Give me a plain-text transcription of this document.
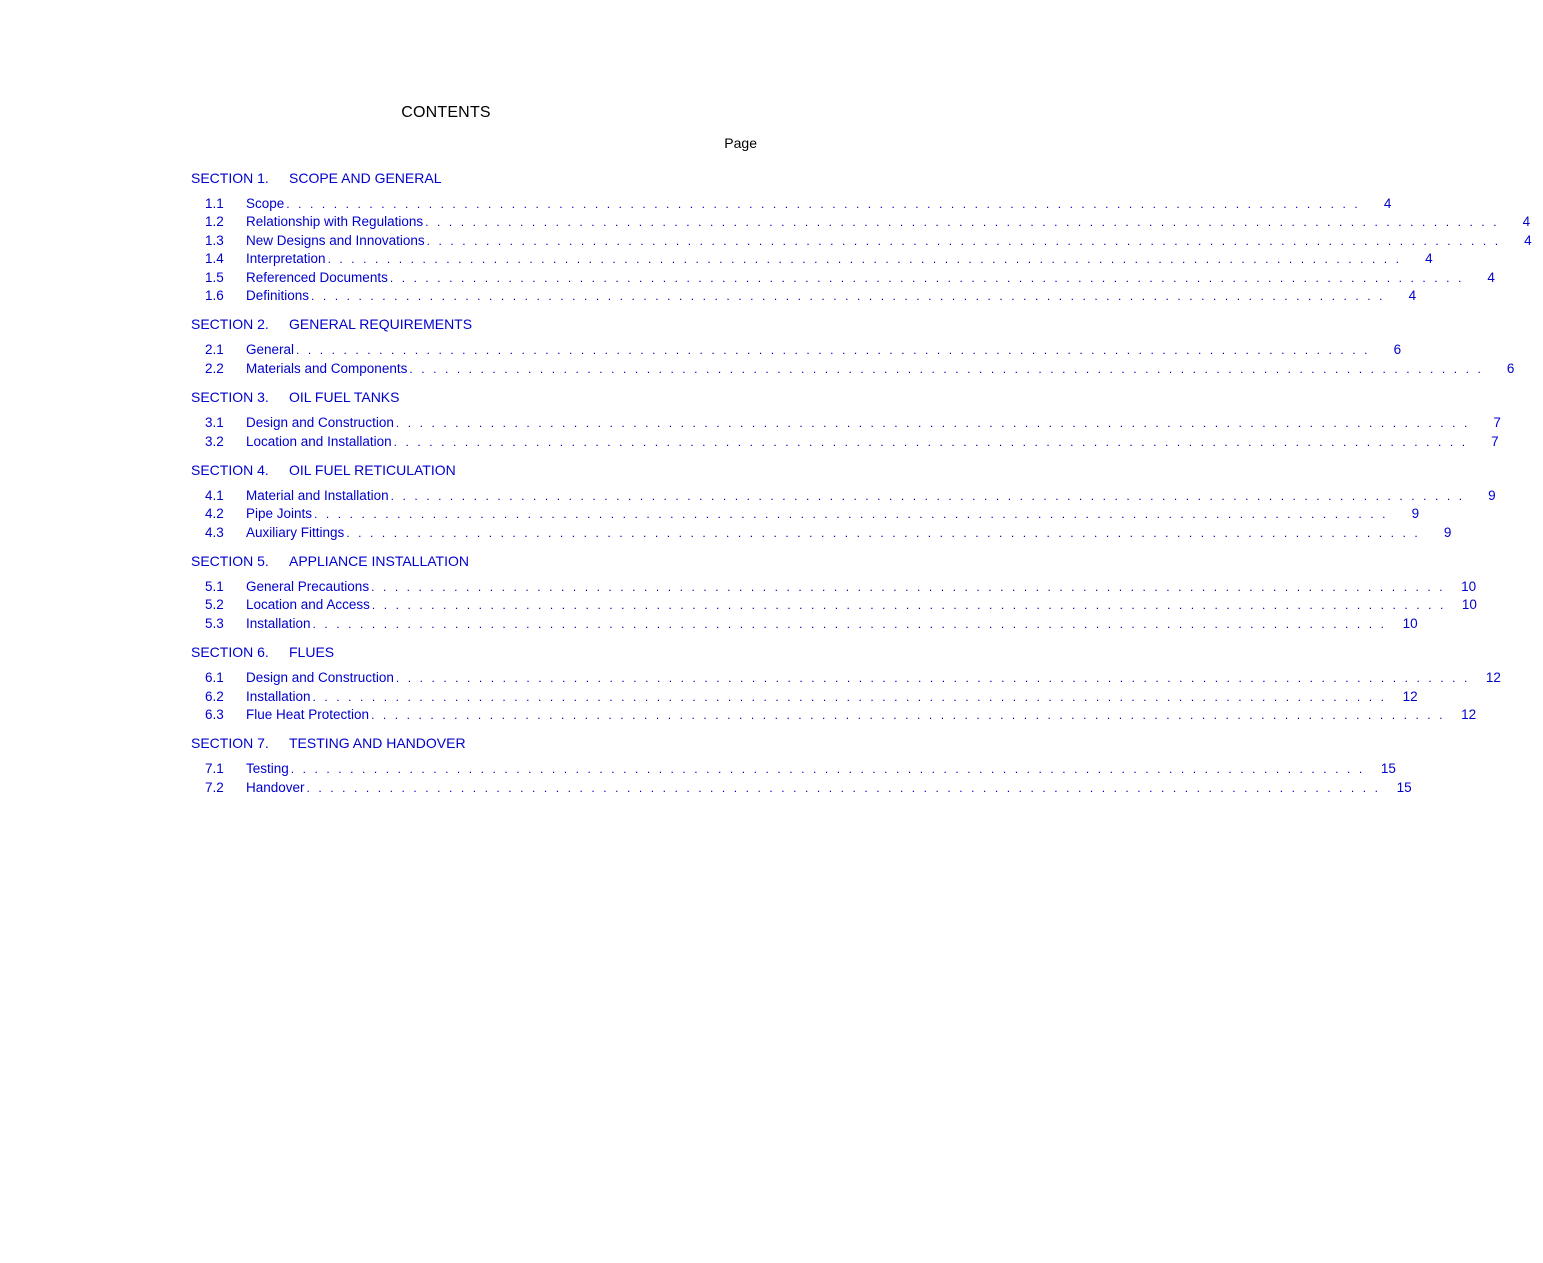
CONTENTS
Page
SECTION 1.	SCOPE AND GENERAL
1.1	Scope . . . . . . . . . . . . . . . . . . . . . . . . . . . . . . . . . . . . . . . . . . . . . . . . . . . . . . . . . . . . . . . . . . . . . . . . . . . . . . . . . . . . . . . . . . .	4
1.2	Relationship with Regulations . . . . . . . . . . . . . . . . . . . . . . . . . . . . . . . . . . . . . . . . . . . . . . . . . . . . . . . . . . . . . . . . . . . . . . . . . . . . . . . . . . . . . . . . . . .	4
1.3	New Designs and Innovations . . . . . . . . . . . . . . . . . . . . . . . . . . . . . . . . . . . . . . . . . . . . . . . . . . . . . . . . . . . . . . . . . . . . . . . . . . . . . . . . . . . . . . . . . . .	4
1.4	Interpretation . . . . . . . . . . . . . . . . . . . . . . . . . . . . . . . . . . . . . . . . . . . . . . . . . . . . . . . . . . . . . . . . . . . . . . . . . . . . . . . . . . . . . . . . . . .	4
1.5	Referenced Documents . . . . . . . . . . . . . . . . . . . . . . . . . . . . . . . . . . . . . . . . . . . . . . . . . . . . . . . . . . . . . . . . . . . . . . . . . . . . . . . . . . . . . . . . . . .	4
1.6	Definitions . . . . . . . . . . . . . . . . . . . . . . . . . . . . . . . . . . . . . . . . . . . . . . . . . . . . . . . . . . . . . . . . . . . . . . . . . . . . . . . . . . . . . . . . . . .	4
SECTION 2.	GENERAL REQUIREMENTS
2.1	General . . . . . . . . . . . . . . . . . . . . . . . . . . . . . . . . . . . . . . . . . . . . . . . . . . . . . . . . . . . . . . . . . . . . . . . . . . . . . . . . . . . . . . . . . . .	6
2.2	Materials and Components . . . . . . . . . . . . . . . . . . . . . . . . . . . . . . . . . . . . . . . . . . . . . . . . . . . . . . . . . . . . . . . . . . . . . . . . . . . . . . . . . . . . . . . . . . .	6
SECTION 3.	OIL FUEL TANKS
3.1	Design and Construction . . . . . . . . . . . . . . . . . . . . . . . . . . . . . . . . . . . . . . . . . . . . . . . . . . . . . . . . . . . . . . . . . . . . . . . . . . . . . . . . . . . . . . . . . . .	7
3.2	Location and Installation . . . . . . . . . . . . . . . . . . . . . . . . . . . . . . . . . . . . . . . . . . . . . . . . . . . . . . . . . . . . . . . . . . . . . . . . . . . . . . . . . . . . . . . . . . .	7
SECTION 4.	OIL FUEL RETICULATION
4.1	Material and Installation . . . . . . . . . . . . . . . . . . . . . . . . . . . . . . . . . . . . . . . . . . . . . . . . . . . . . . . . . . . . . . . . . . . . . . . . . . . . . . . . . . . . . . . . . . .	9
4.2	Pipe Joints . . . . . . . . . . . . . . . . . . . . . . . . . . . . . . . . . . . . . . . . . . . . . . . . . . . . . . . . . . . . . . . . . . . . . . . . . . . . . . . . . . . . . . . . . . .	9
4.3	Auxiliary Fittings . . . . . . . . . . . . . . . . . . . . . . . . . . . . . . . . . . . . . . . . . . . . . . . . . . . . . . . . . . . . . . . . . . . . . . . . . . . . . . . . . . . . . . . . . . .	9
SECTION 5.	APPLIANCE INSTALLATION
5.1	General Precautions . . . . . . . . . . . . . . . . . . . . . . . . . . . . . . . . . . . . . . . . . . . . . . . . . . . . . . . . . . . . . . . . . . . . . . . . . . . . . . . . . . . . . . . . . . .	10
5.2	Location and Access . . . . . . . . . . . . . . . . . . . . . . . . . . . . . . . . . . . . . . . . . . . . . . . . . . . . . . . . . . . . . . . . . . . . . . . . . . . . . . . . . . . . . . . . . . .	10
5.3	Installation . . . . . . . . . . . . . . . . . . . . . . . . . . . . . . . . . . . . . . . . . . . . . . . . . . . . . . . . . . . . . . . . . . . . . . . . . . . . . . . . . . . . . . . . . . .	10
SECTION 6.	FLUES
6.1	Design and Construction . . . . . . . . . . . . . . . . . . . . . . . . . . . . . . . . . . . . . . . . . . . . . . . . . . . . . . . . . . . . . . . . . . . . . . . . . . . . . . . . . . . . . . . . . . .	12
6.2	Installation . . . . . . . . . . . . . . . . . . . . . . . . . . . . . . . . . . . . . . . . . . . . . . . . . . . . . . . . . . . . . . . . . . . . . . . . . . . . . . . . . . . . . . . . . . .	12
6.3	Flue Heat Protection . . . . . . . . . . . . . . . . . . . . . . . . . . . . . . . . . . . . . . . . . . . . . . . . . . . . . . . . . . . . . . . . . . . . . . . . . . . . . . . . . . . . . . . . . . .	12
SECTION 7.	TESTING AND HANDOVER
7.1	Testing . . . . . . . . . . . . . . . . . . . . . . . . . . . . . . . . . . . . . . . . . . . . . . . . . . . . . . . . . . . . . . . . . . . . . . . . . . . . . . . . . . . . . . . . . . .	15
7.2	Handover . . . . . . . . . . . . . . . . . . . . . . . . . . . . . . . . . . . . . . . . . . . . . . . . . . . . . . . . . . . . . . . . . . . . . . . . . . . . . . . . . . . . . . . . . . .	15
